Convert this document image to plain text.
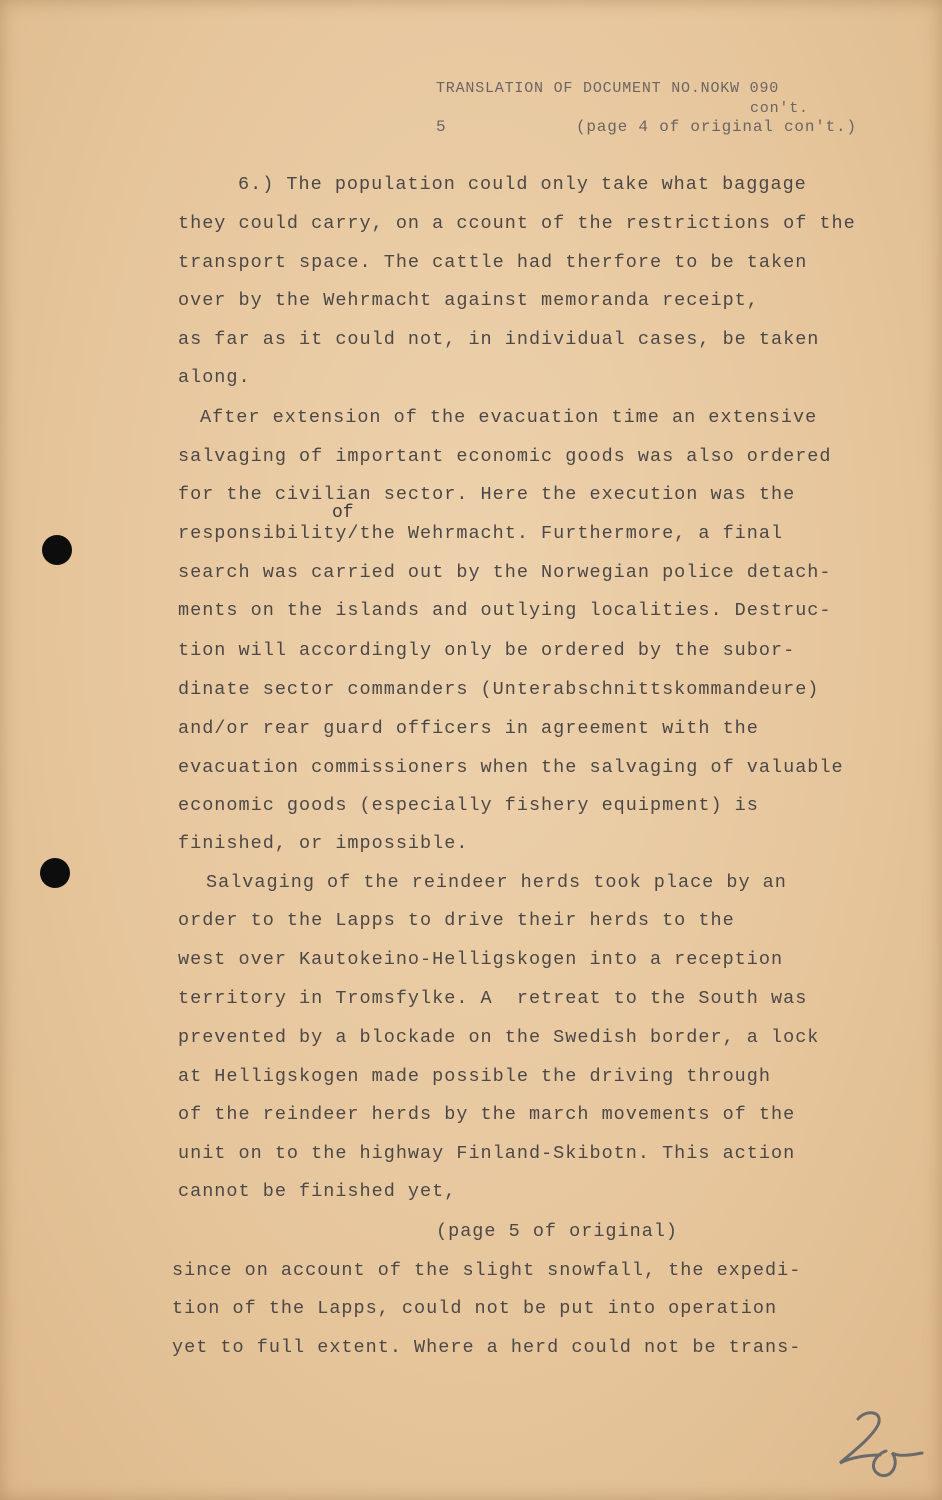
TRANSLATION OF DOCUMENT NO.NOKW 090
con't.
5	(page 4 of original con't.)
6.) The population could only take what baggage
they could carry, on a ccount of the restrictions of the
transport space. The cattle had therfore to be taken
over by the Wehrmacht against memoranda receipt,
as far as it could not, in individual cases, be taken
along.
After extension of the evacuation time an extensive
salvaging of important economic goods was also ordered
for the civilian sector. Here the execution was the
of
responsibility/the Wehrmacht. Furthermore, a final
search was carried out by the Norwegian police detach-
ments on the islands and outlying localities. Destruc-
tion will accordingly only be ordered by the subor-
dinate sector commanders (Unterabschnittskommandeure)
and/or rear guard officers in agreement with the
evacuation commissioners when the salvaging of valuable
economic goods (especially fishery equipment) is
finished, or impossible.
Salvaging of the reindeer herds took place by an
order to the Lapps to drive their herds to the
west over Kautokeino-Helligskogen into a reception
territory in Tromsfylke. A  retreat to the South was
prevented by a blockade on the Swedish border, a lock
at Helligskogen made possible the driving through
of the reindeer herds by the march movements of the
unit on to the highway Finland-Skibotn. This action
cannot be finished yet,
(page 5 of original)
since on account of the slight snowfall, the expedi-
tion of the Lapps, could not be put into operation
yet to full extent. Where a herd could not be trans-
